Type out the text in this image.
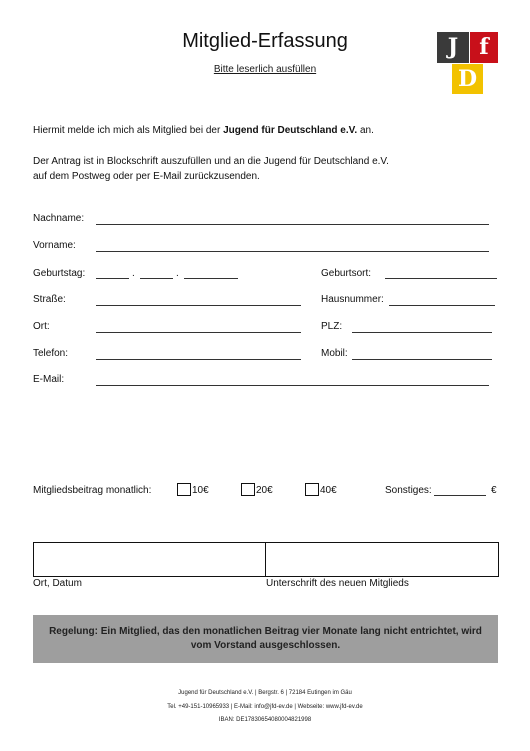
Mitglied-Erfassung
Bitte leserlich ausfüllen
J f
D
Hiermit melde ich mich als Mitglied bei der Jugend für Deutschland e.V. an.
Der Antrag ist in Blockschrift auszufüllen und an die Jugend für Deutschland e.V.
auf dem Postweg oder per E-Mail zurückzusenden.
Nachname:
Vorname:
Geburtstag:	.	.	Geburtsort:
Straße:	Hausnummer:
Ort:	PLZ:
Telefon:	Mobil:
E-Mail:
Mitgliedsbeitrag monatlich:	10€	20€	40€	Sonstiges:	€
Ort, Datum	Unterschrift des neuen Mitglieds
Regelung: Ein Mitglied, das den monatlichen Beitrag vier Monate lang nicht entrichtet, wird vom Vorstand ausgeschlossen.
Jugend für Deutschland e.V. | Bergstr. 6 | 72184 Eutingen im Gäu
Tel. +49-151-10965933 | E-Mail: info@jfd-ev.de | Webseite: www.jfd-ev.de
IBAN: DE17830654080004821998
